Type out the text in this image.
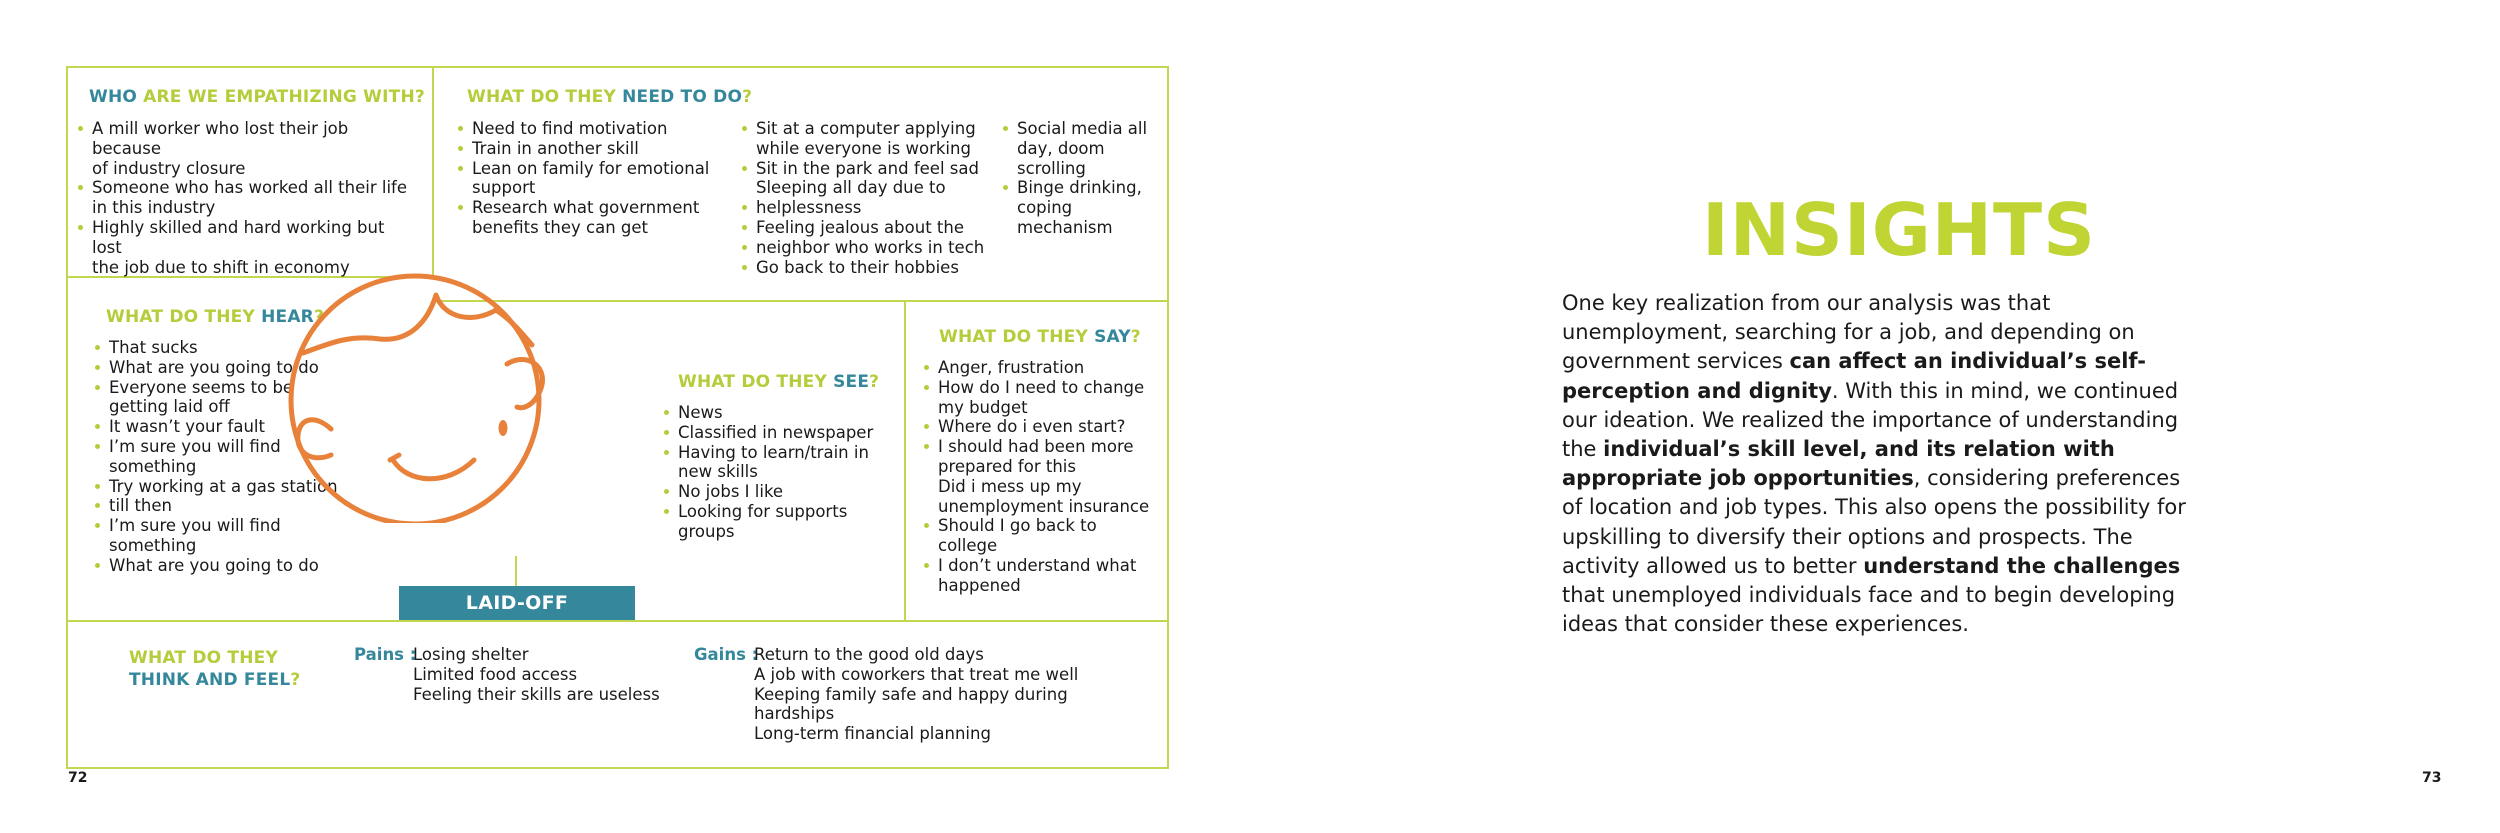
WHO ARE WE EMPATHIZING WITH?
A mill worker who lost their job because
of industry closure
Someone who has worked all their life
in this industry
Highly skilled and hard working but lost
the job due to shift in economy
WHAT DO THEY NEED TO DO?
Need to find motivation
Train in another skill
Lean on family for emotional
support
Research what government
benefits they can get
Sit at a computer applying
while everyone is working
Sit in the park and feel sad
Sleeping all day due to
helplessness
Feeling jealous about the
neighbor who works in tech
Go back to their hobbies
Social media all
day, doom
scrolling
Binge drinking,
coping
mechanism
WHAT DO THEY HEAR?
That sucks
What are you going to do
Everyone seems to be
getting laid off
It wasn’t your fault
I’m sure you will find
something
Try working at a gas station
till then
I’m sure you will find
something
What are you going to do
WHAT DO THEY SEE?
News
Classified in newspaper
Having to learn/train in
new skills
No jobs I like
Looking for supports
groups
WHAT DO THEY SAY?
Anger, frustration
How do I need to change
my budget
Where do i even start?
I should had been more
prepared for this
Did i mess up my
unemployment insurance
Should I go back to
college
I don’t understand what
happened
LAID-OFF INDIVIDUAL
WHAT DO THEY
THINK AND FEEL?
Pains :
Losing shelter
Limited food access
Feeling their skills are useless
Gains :
Return to the good old days
A job with coworkers that treat me well
Keeping family safe and happy during
hardships
Long-term financial planning
72
INSIGHTS

One key realization from our analysis was that unemployment, searching for a job, and depending on government services can affect an individual’s self-perception and dignity. With this in mind, we continued our ideation. We realized the importance of understanding the individual’s skill level, and its relation with appropriate job opportunities, considering preferences of location and job types. This also opens the possibility for upskilling to diversify their options and prospects. The activity allowed us to better understand the challenges that unemployed individuals face and to begin developing ideas that consider these experiences.

73
